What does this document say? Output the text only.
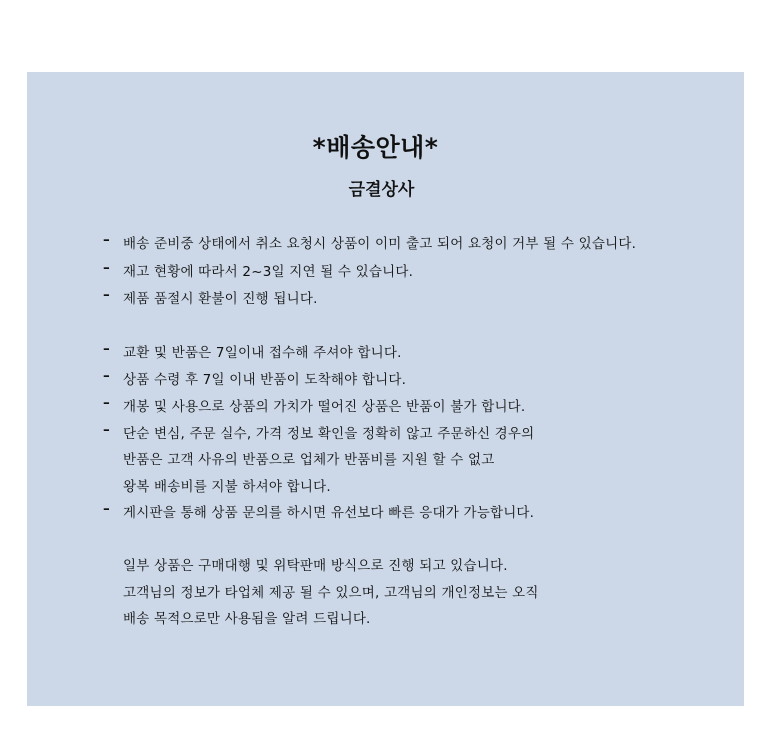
*배송안내*
금결상사
– 배송 준비중 상태에서 취소 요청시 상품이 이미 출고 되어 요청이 거부 될 수 있습니다.
– 재고 현황에 따라서 2~3일 지연 될 수 있습니다.
– 제품 품절시 환불이 진행 됩니다.
– 교환 및 반품은 7일이내 접수해 주셔야 합니다.
– 상품 수령 후 7일 이내 반품이 도착해야 합니다.
– 개봉 및 사용으로 상품의 가치가 떨어진 상품은 반품이 불가 합니다.
– 단순 변심, 주문 실수, 가격 정보 확인을 정확히 않고 주문하신 경우의
반품은 고객 사유의 반품으로 업체가 반품비를 지원 할 수 없고
왕복 배송비를 지불 하셔야 합니다.
– 게시판을 통해 상품 문의를 하시면 유선보다 빠른 응대가 가능합니다.
일부 상품은 구매대행 및 위탁판매 방식으로 진행 되고 있습니다.
고객님의 정보가 타업체 제공 될 수 있으며, 고객님의 개인정보는 오직
배송 목적으로만 사용됨을 알려 드립니다.
